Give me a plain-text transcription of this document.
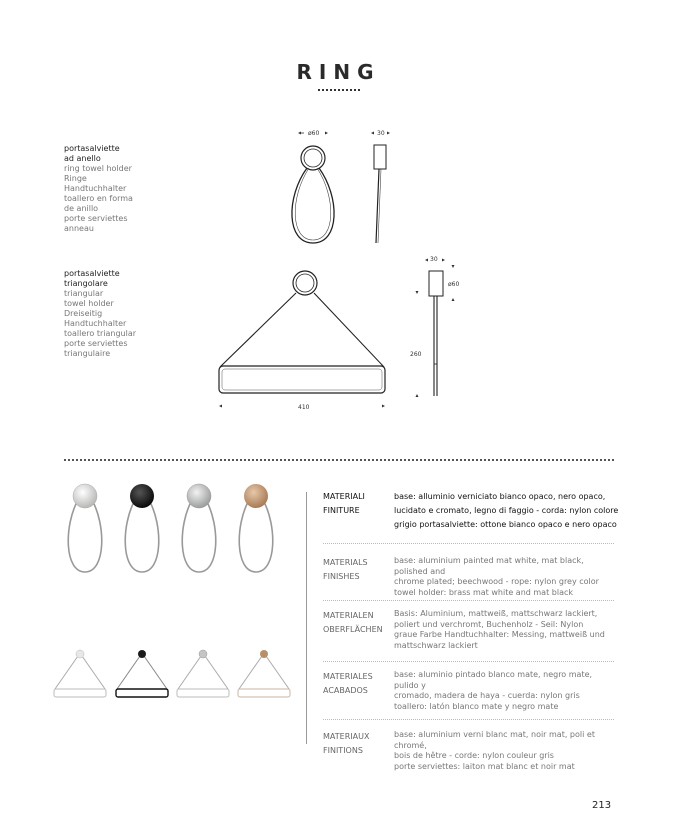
RING
portasalviette
ad anello
ring towel holder
Ringe
Handtuchhalter
toallero en forma
de anillo
porte serviettes
anneau
portasalviette
triangolare
triangular
towel holder
Dreiseitig
Handtuchhalter
toallero triangular
porte serviettes
triangulaire
ø60	30
410
30
ø60
260
MATERIALI
FINITURE
base: alluminio verniciato bianco opaco, nero opaco,
lucidato e cromato, legno di faggio - corda: nylon colore
grigio portasalviette: ottone bianco opaco e nero opaco
MATERIALS
FINISHES
base: aluminium painted mat white, mat black, polished and
chrome plated; beechwood - rope: nylon grey color
towel holder: brass mat white and mat black
MATERIALEN
OBERFLÄCHEN
Basis: Aluminium, mattweiß, mattschwarz lackiert,
poliert und verchromt, Buchenholz - Seil: Nylon
graue Farbe Handtuchhalter: Messing, mattweiß und
mattschwarz lackiert
MATERIALES
ACABADOS
base: aluminio pintado blanco mate, negro mate, pulido y
cromado, madera de haya - cuerda: nylon gris
toallero: latón blanco mate y negro mate
MATERIAUX
FINITIONS
base: aluminium verni blanc mat, noir mat, poli et chromé,
bois de hêtre - corde: nylon couleur gris
porte serviettes: laiton mat blanc et noir mat
213
